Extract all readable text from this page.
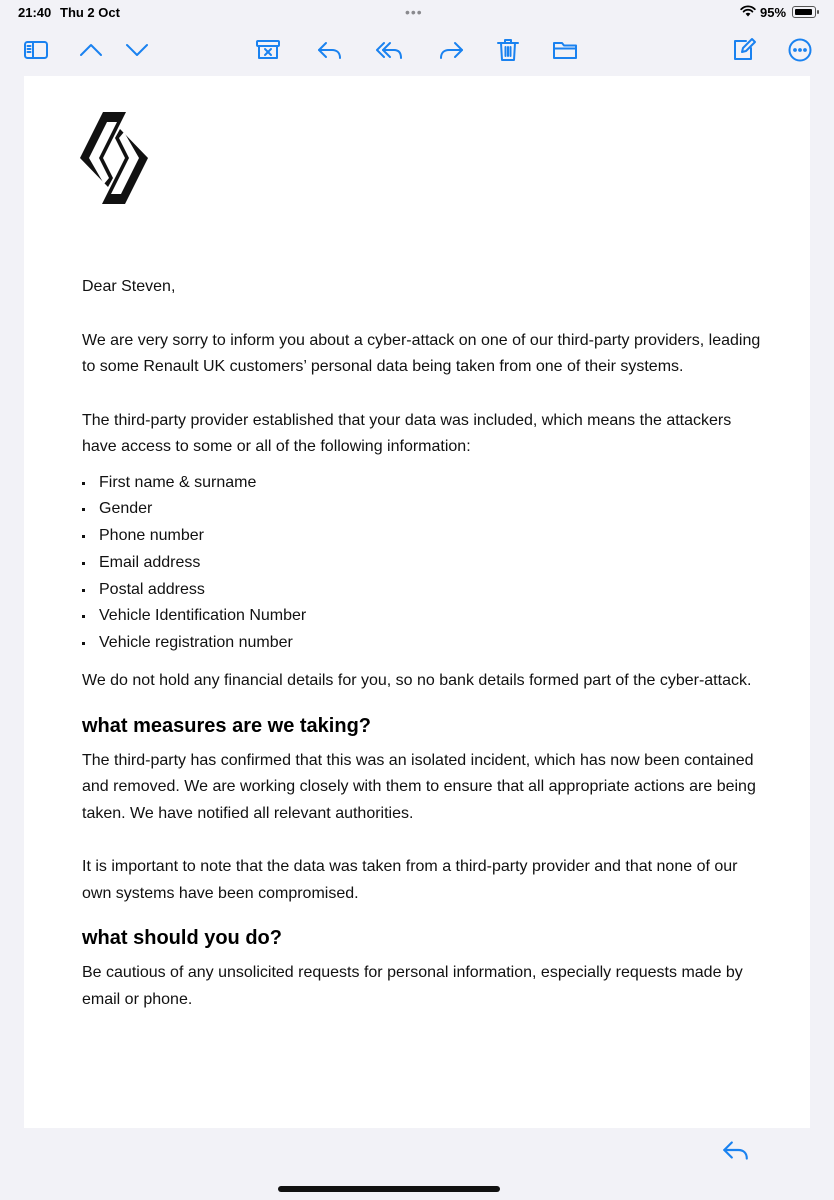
21:40 Thu 2 Oct	•••	95%

Dear Steven,

We are very sorry to inform you about a cyber-attack on one of our third-party providers, leading to some Renault UK customers’ personal data being taken from one of their systems.

The third-party provider established that your data was included, which means the attackers have access to some or all of the following information:

First name & surname
Gender
Phone number
Email address
Postal address
Vehicle Identification Number
Vehicle registration number

We do not hold any financial details for you, so no bank details formed part of the cyber-attack.

what measures are we taking?

The third-party has confirmed that this was an isolated incident, which has now been contained and removed. We are working closely with them to ensure that all appropriate actions are being taken. We have notified all relevant authorities.

It is important to note that the data was taken from a third-party provider and that none of our own systems have been compromised.

what should you do?

Be cautious of any unsolicited requests for personal information, especially requests made by email or phone.
